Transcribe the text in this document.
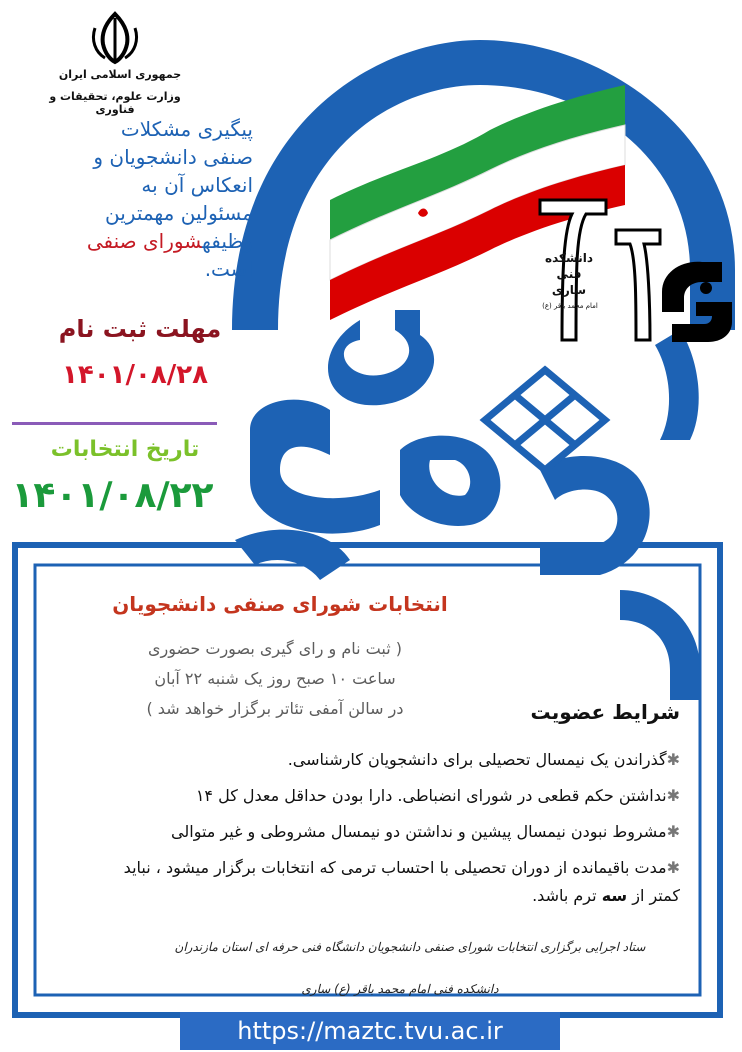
جمهوری اسلامی ایران
وزارت علوم، تحقیقات و فناوری
پیگیری مشکلات
صنفی دانشجویان و
انعکاس آن به
مسئولین مهمترین
وظیفهشورای صنفی
است.
مهلت ثبت نام
۱۴۰۱/۰۸/۲۸
تاریخ انتخابات
۱۴۰۱/۰۸/۲۲
دانشکده
فنی
ساری
امام محمد باقر (ع)
انتخابات شورای صنفی دانشجویان
( ثبت نام و رای گیری بصورت حضوری
ساعت ۱۰ صبح روز یک شنبه ۲۲ آبان
در سالن آمفی تئاتر برگزار خواهد شد )	شرایط عضویت
✱گذراندن یک نیمسال تحصیلی برای دانشجویان کارشناسی.
✱نداشتن حکم قطعی در شورای انضباطی. دارا بودن حداقل معدل کل ۱۴
✱مشروط نبودن نیمسال پیشین و نداشتن دو نیمسال مشروطی و غیر متوالی
✱مدت باقیمانده از دوران تحصیلی با احتساب ترمی که انتخابات برگزار میشود ، نباید
کمتر از سه ترم باشد.
ستاد اجرایی برگزاری انتخابات شورای صنفی دانشجویان دانشگاه فنی حرفه ای استان مازندران
دانشکده فنی امام محمد باقر (ع) ساری
https://maztc.tvu.ac.ir
